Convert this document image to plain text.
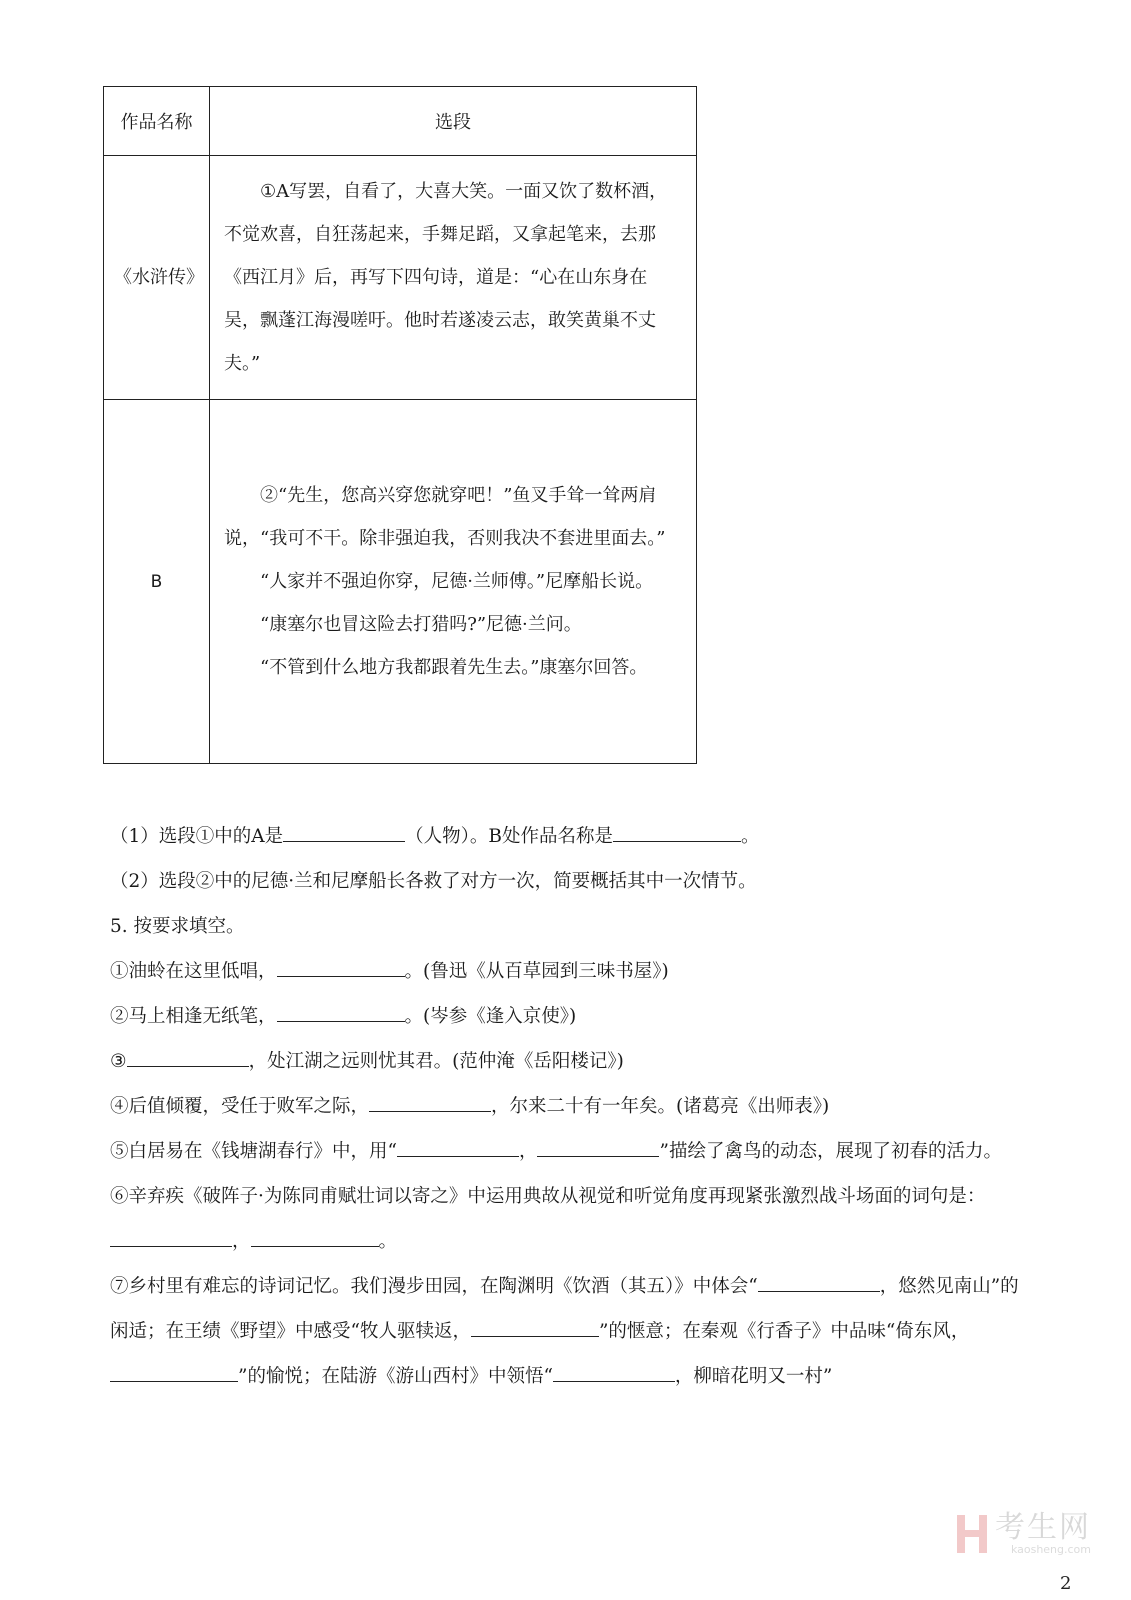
作品名称	选段
《水浒传》	①A写罢，自看了，大喜大笑。一面又饮了数杯酒，不觉欢喜，自狂荡起来，手舞足蹈，又拿起笔来，去那《西江月》后，再写下四句诗，道是：“心在山东身在吴，飘蓬江海漫嗟吁。他时若遂凌云志，敢笑黄巢不丈夫。”

B	②“先生，您高兴穿您就穿吧！”鱼叉手耸一耸两肩说，“我可不干。除非强迫我，否则我决不套进里面去。”

“人家并不强迫你穿，尼德·兰师傅。”尼摩船长说。

“康塞尔也冒这险去打猎吗?”尼德·兰问。

“不管到什么地方我都跟着先生去。”康塞尔回答。

（1）选段①中的A是	（人物）。B处作品名称是	。

（2）选段②中的尼德·兰和尼摩船长各救了对方一次，简要概括其中一次情节。

5. 按要求填空。

①油蛉在这里低唱，	。(鲁迅《从百草园到三味书屋》)

②马上相逢无纸笔，	。(岑参《逢入京使》)

③	，处江湖之远则忧其君。(范仲淹《岳阳楼记》)

④后值倾覆，受任于败军之际，	，尔来二十有一年矣。(诸葛亮《出师表》)

⑤白居易在《钱塘湖春行》中，用“	，	”描绘了禽鸟的动态，展现了初春的活力。

⑥辛弃疾《破阵子·为陈同甫赋壮词以寄之》中运用典故从视觉和听觉角度再现紧张激烈战斗场面的词句是：，	。

⑦乡村里有难忘的诗词记忆。我们漫步田园，在陶渊明《饮酒（其五）》中体会“	，悠然见南山”的闲适；在王绩《野望》中感受“牧人驱犊返，	”的惬意；在秦观《行香子》中品味“倚东风，”的愉悦；在陆游《游山西村》中领悟“	，柳暗花明又一村”

考生网
kaosheng.com
2
